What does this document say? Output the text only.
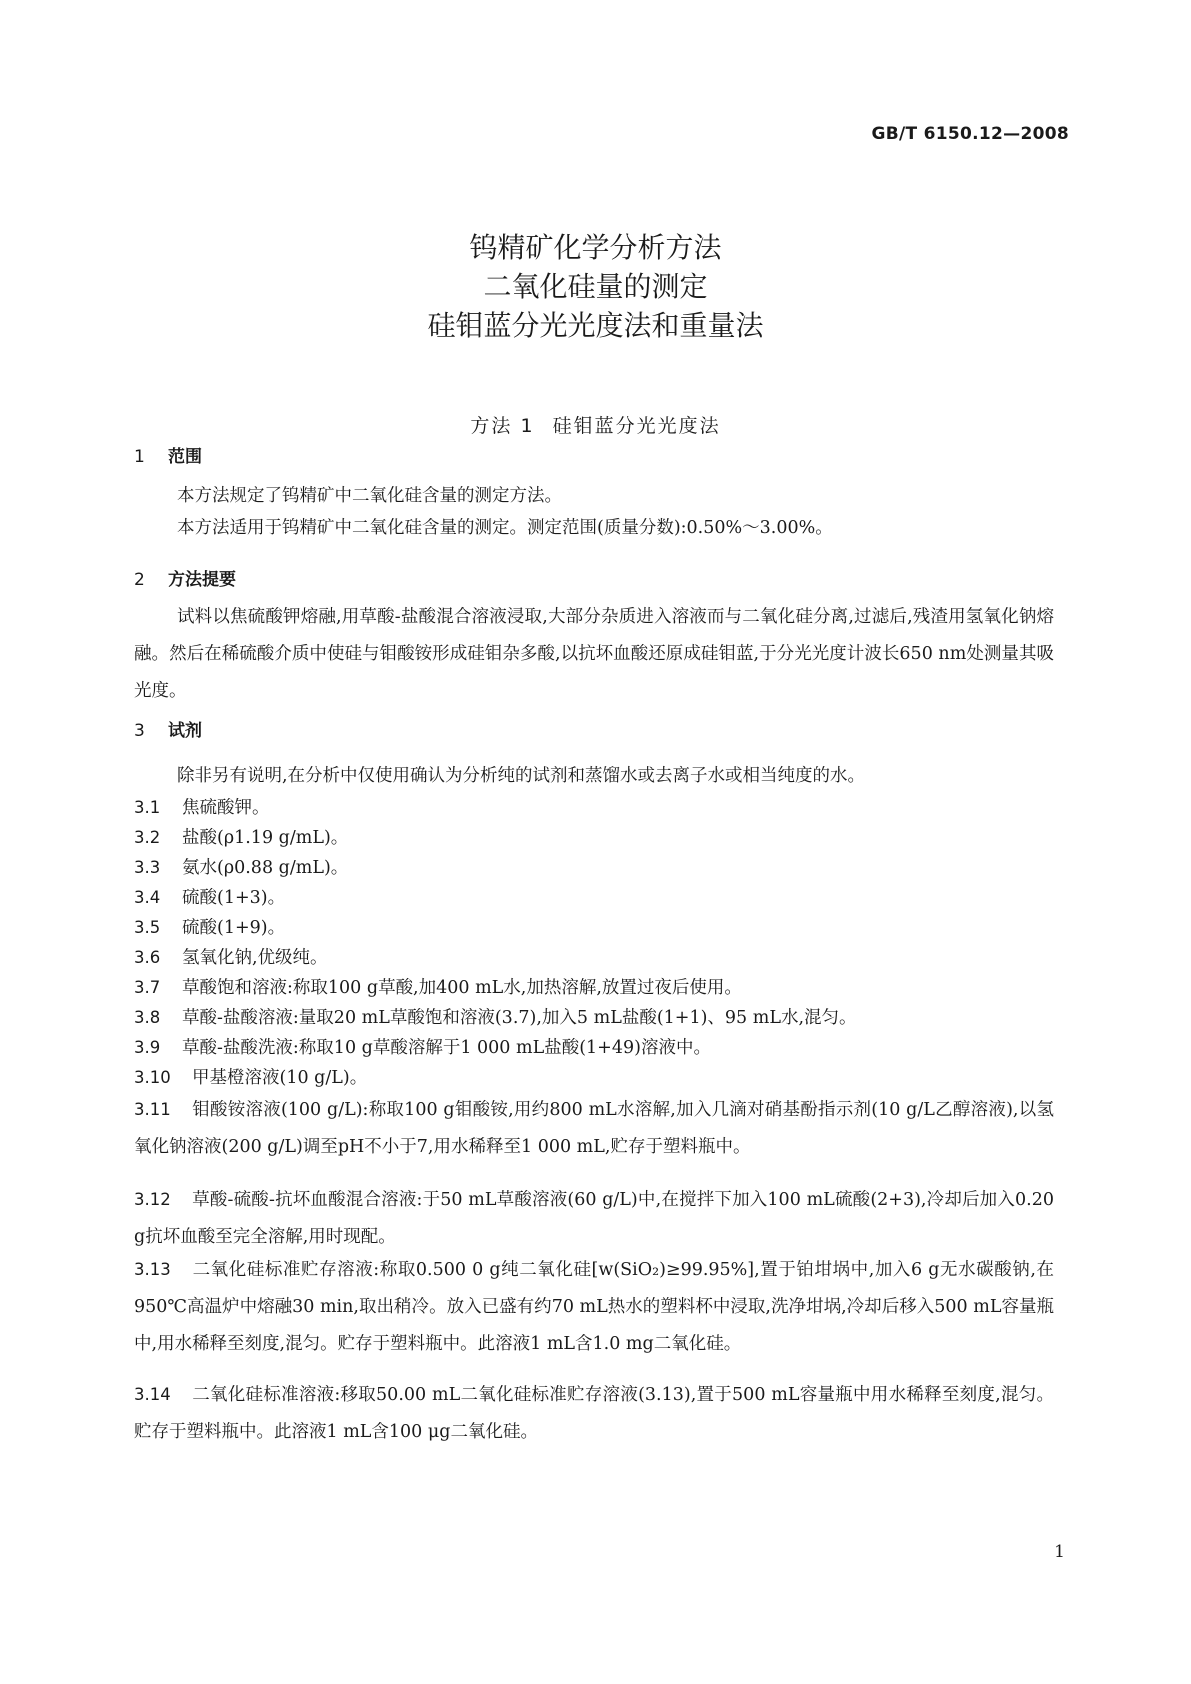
GB/T 6150.12—2008
钨精矿化学分析方法
二氧化硅量的测定
硅钼蓝分光光度法和重量法
方法 1 硅钼蓝分光光度法
1 范围
本方法规定了钨精矿中二氧化硅含量的测定方法。
本方法适用于钨精矿中二氧化硅含量的测定。测定范围(质量分数):0.50%～3.00%。
2 方法提要
试料以焦硫酸钾熔融,用草酸-盐酸混合溶液浸取,大部分杂质进入溶液而与二氧化硅分离,过滤后,残渣用氢氧化钠熔融。然后在稀硫酸介质中使硅与钼酸铵形成硅钼杂多酸,以抗坏血酸还原成硅钼蓝,于分光光度计波长650 nm处测量其吸光度。
3 试剂
除非另有说明,在分析中仅使用确认为分析纯的试剂和蒸馏水或去离子水或相当纯度的水。
3.1 焦硫酸钾。
3.2 盐酸(ρ1.19 g/mL)。
3.3 氨水(ρ0.88 g/mL)。
3.4 硫酸(1+3)。
3.5 硫酸(1+9)。
3.6 氢氧化钠,优级纯。
3.7 草酸饱和溶液:称取100 g草酸,加400 mL水,加热溶解,放置过夜后使用。
3.8 草酸-盐酸溶液:量取20 mL草酸饱和溶液(3.7),加入5 mL盐酸(1+1)、95 mL水,混匀。
3.9 草酸-盐酸洗液:称取10 g草酸溶解于1 000 mL盐酸(1+49)溶液中。
3.10 甲基橙溶液(10 g/L)。
3.11 钼酸铵溶液(100 g/L):称取100 g钼酸铵,用约800 mL水溶解,加入几滴对硝基酚指示剂(10 g/L乙醇溶液),以氢氧化钠溶液(200 g/L)调至pH不小于7,用水稀释至1 000 mL,贮存于塑料瓶中。
3.12 草酸-硫酸-抗坏血酸混合溶液:于50 mL草酸溶液(60 g/L)中,在搅拌下加入100 mL硫酸(2+3),冷却后加入0.20 g抗坏血酸至完全溶解,用时现配。
3.13 二氧化硅标准贮存溶液:称取0.500 0 g纯二氧化硅[w(SiO₂)≥99.95%],置于铂坩埚中,加入6 g无水碳酸钠,在950℃高温炉中熔融30 min,取出稍冷。放入已盛有约70 mL热水的塑料杯中浸取,洗净坩埚,冷却后移入500 mL容量瓶中,用水稀释至刻度,混匀。贮存于塑料瓶中。此溶液1 mL含1.0 mg二氧化硅。
3.14 二氧化硅标准溶液:移取50.00 mL二氧化硅标准贮存溶液(3.13),置于500 mL容量瓶中用水稀释至刻度,混匀。贮存于塑料瓶中。此溶液1 mL含100 μg二氧化硅。
1
